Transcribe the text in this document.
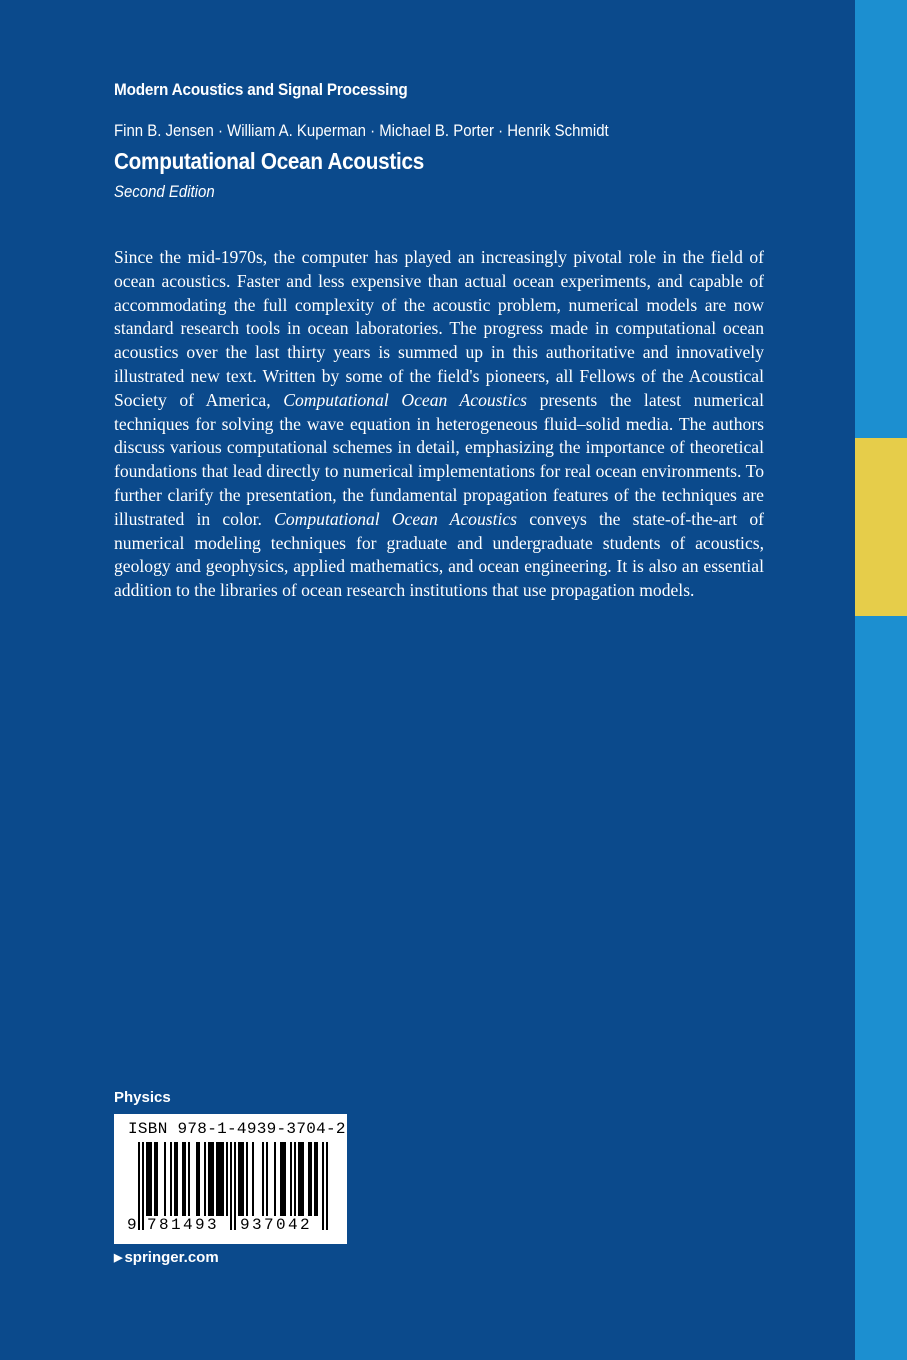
Modern Acoustics and Signal Processing
Finn B. Jensen · William A. Kuperman · Michael B. Porter · Henrik Schmidt
Computational Ocean Acoustics
Second Edition

Since the mid-1970s, the computer has played an increasingly pivotal role in the field of ocean acoustics. Faster and less expensive than actual ocean experiments, and capable of accommodating the full complexity of the acoustic problem, numerical models are now standard research tools in ocean laboratories. The progress made in computational ocean acoustics over the last thirty years is summed up in this authoritative and innovatively illustrated new text. Written by some of the field's pioneers, all Fellows of the Acoustical Society of America, Computational Ocean Acoustics presents the latest numerical techniques for solving the wave equation in heterogeneous fluid–solid media. The authors discuss various computational schemes in detail, emphasizing the importance of theoretical foundations that lead directly to numerical implementations for real ocean environments. To further clarify the presentation, the fundamental propagation features of the techniques are illustrated in color. Computational Ocean Acoustics conveys the state-of-the-art of numerical modeling techniques for graduate and undergraduate students of acoustics, geology and geophysics, applied mathematics, and ocean engineering. It is also an essential addition to the libraries of ocean research institutions that use propagation models.

Physics
ISBN 978-1-4939-3704-2
9 781493 937042
▶ springer.com
